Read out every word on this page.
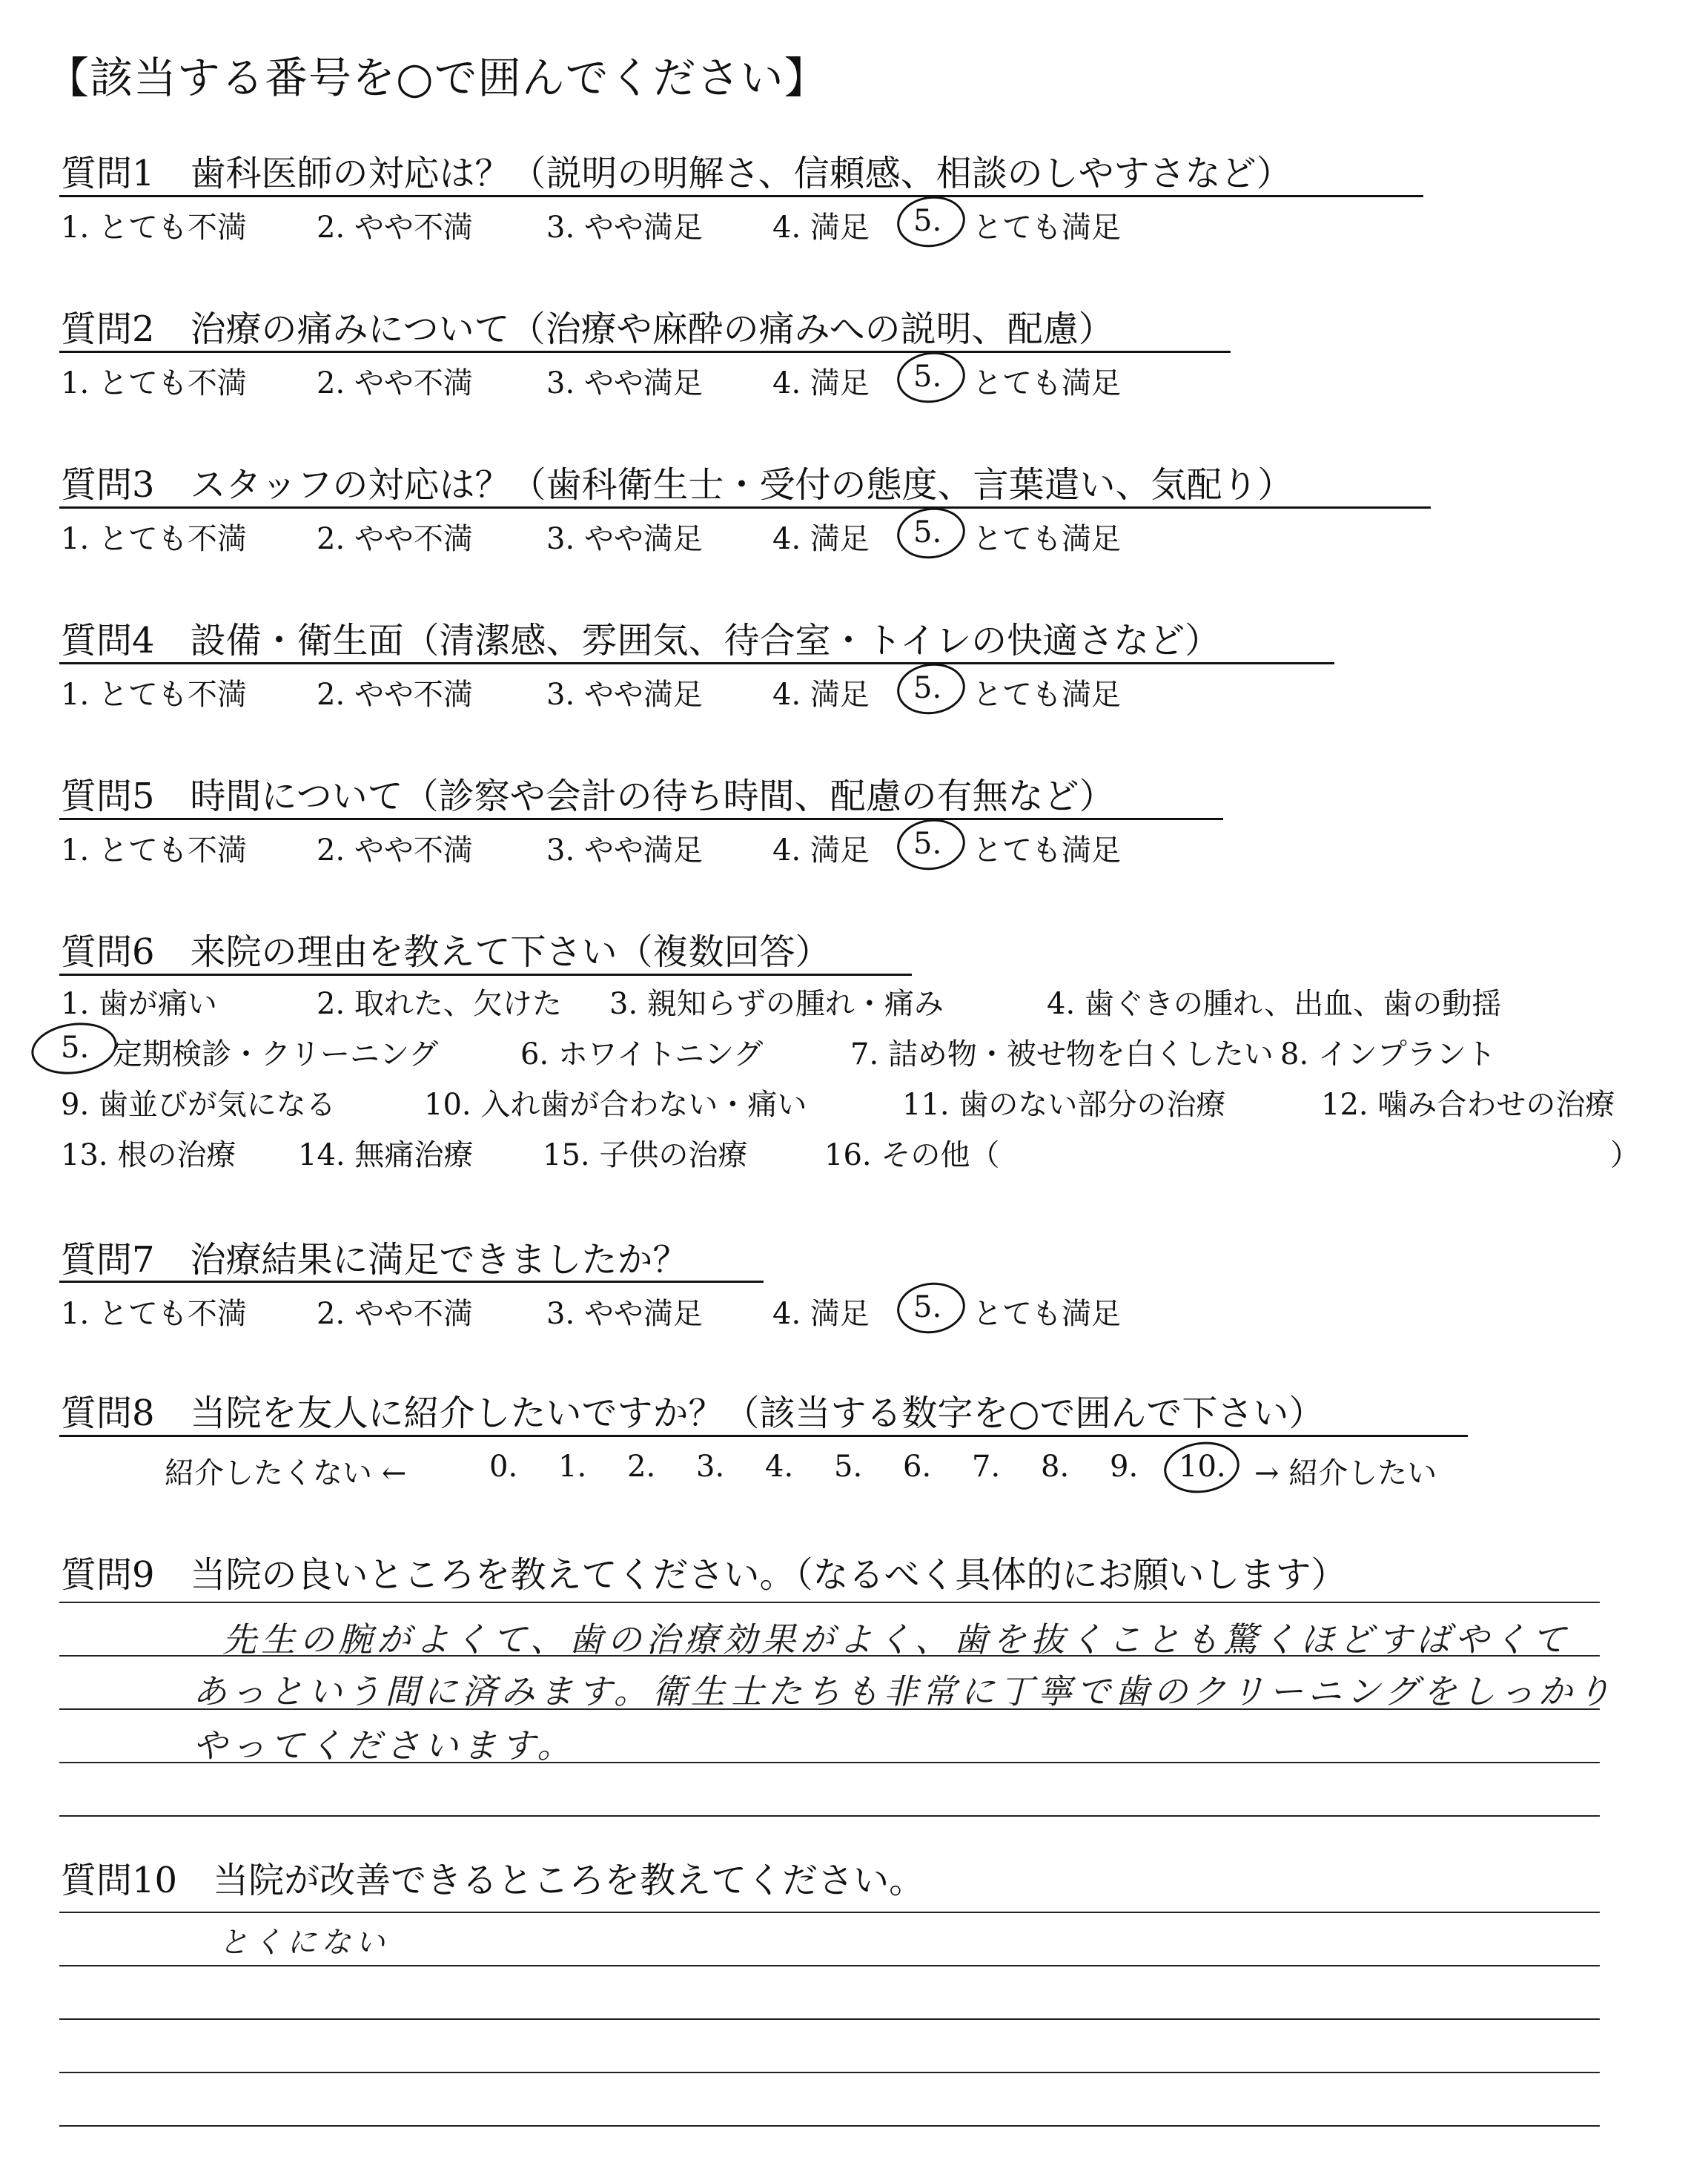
【該当する番号を○で囲んでください】
質問1　歯科医師の対応は？（説明の明解さ、信頼感、相談のしやすさなど）
1. とても不満 2. やや不満 3. やや満足 4. 満足 5. とても満足
質問2　治療の痛みについて（治療や麻酔の痛みへの説明、配慮）
1. とても不満 2. やや不満 3. やや満足 4. 満足 5. とても満足
質問3　スタッフの対応は？（歯科衛生士・受付の態度、言葉遣い、気配り）
1. とても不満 2. やや不満 3. やや満足 4. 満足 5. とても満足
質問4　設備・衛生面（清潔感、雰囲気、待合室・トイレの快適さなど）
1. とても不満 2. やや不満 3. やや満足 4. 満足 5. とても満足
質問5　時間について（診察や会計の待ち時間、配慮の有無など）
1. とても不満 2. やや不満 3. やや満足 4. 満足 5. とても満足
質問6　来院の理由を教えて下さい（複数回答）
1. 歯が痛い	2. 取れた、欠けた 3. 親知らずの腫れ・痛み	4. 歯ぐきの腫れ、出血、歯の動揺
5. 定期検診・クリーニング	6. ホワイトニング	7. 詰め物・被せ物を白くしたい 8. インプラント
9. 歯並びが気になる	10. 入れ歯が合わない・痛い	11. 歯のない部分の治療	12. 噛み合わせの治療
13. 根の治療 14. 無痛治療 15. 子供の治療	16. その他（	）
質問7　治療結果に満足できましたか？
1. とても不満 2. やや不満 3. やや満足 4. 満足 5. とても満足
質問8　当院を友人に紹介したいですか？（該当する数字を○で囲んで下さい）
紹介したくない ←	0. 1. 2. 3. 4. 5. 6. 7. 8. 9. 10. → 紹介したい
質問9　当院の良いところを教えてください。（なるべく具体的にお願いします）
先生の腕がよくて、歯の治療効果がよく、歯を抜くことも驚くほどすばやくて
あっという間に済みます。衛生士たちも非常に丁寧で歯のクリーニングをしっかり
やってくださいます。
質問10　当院が改善できるところを教えてください。
とくにない
